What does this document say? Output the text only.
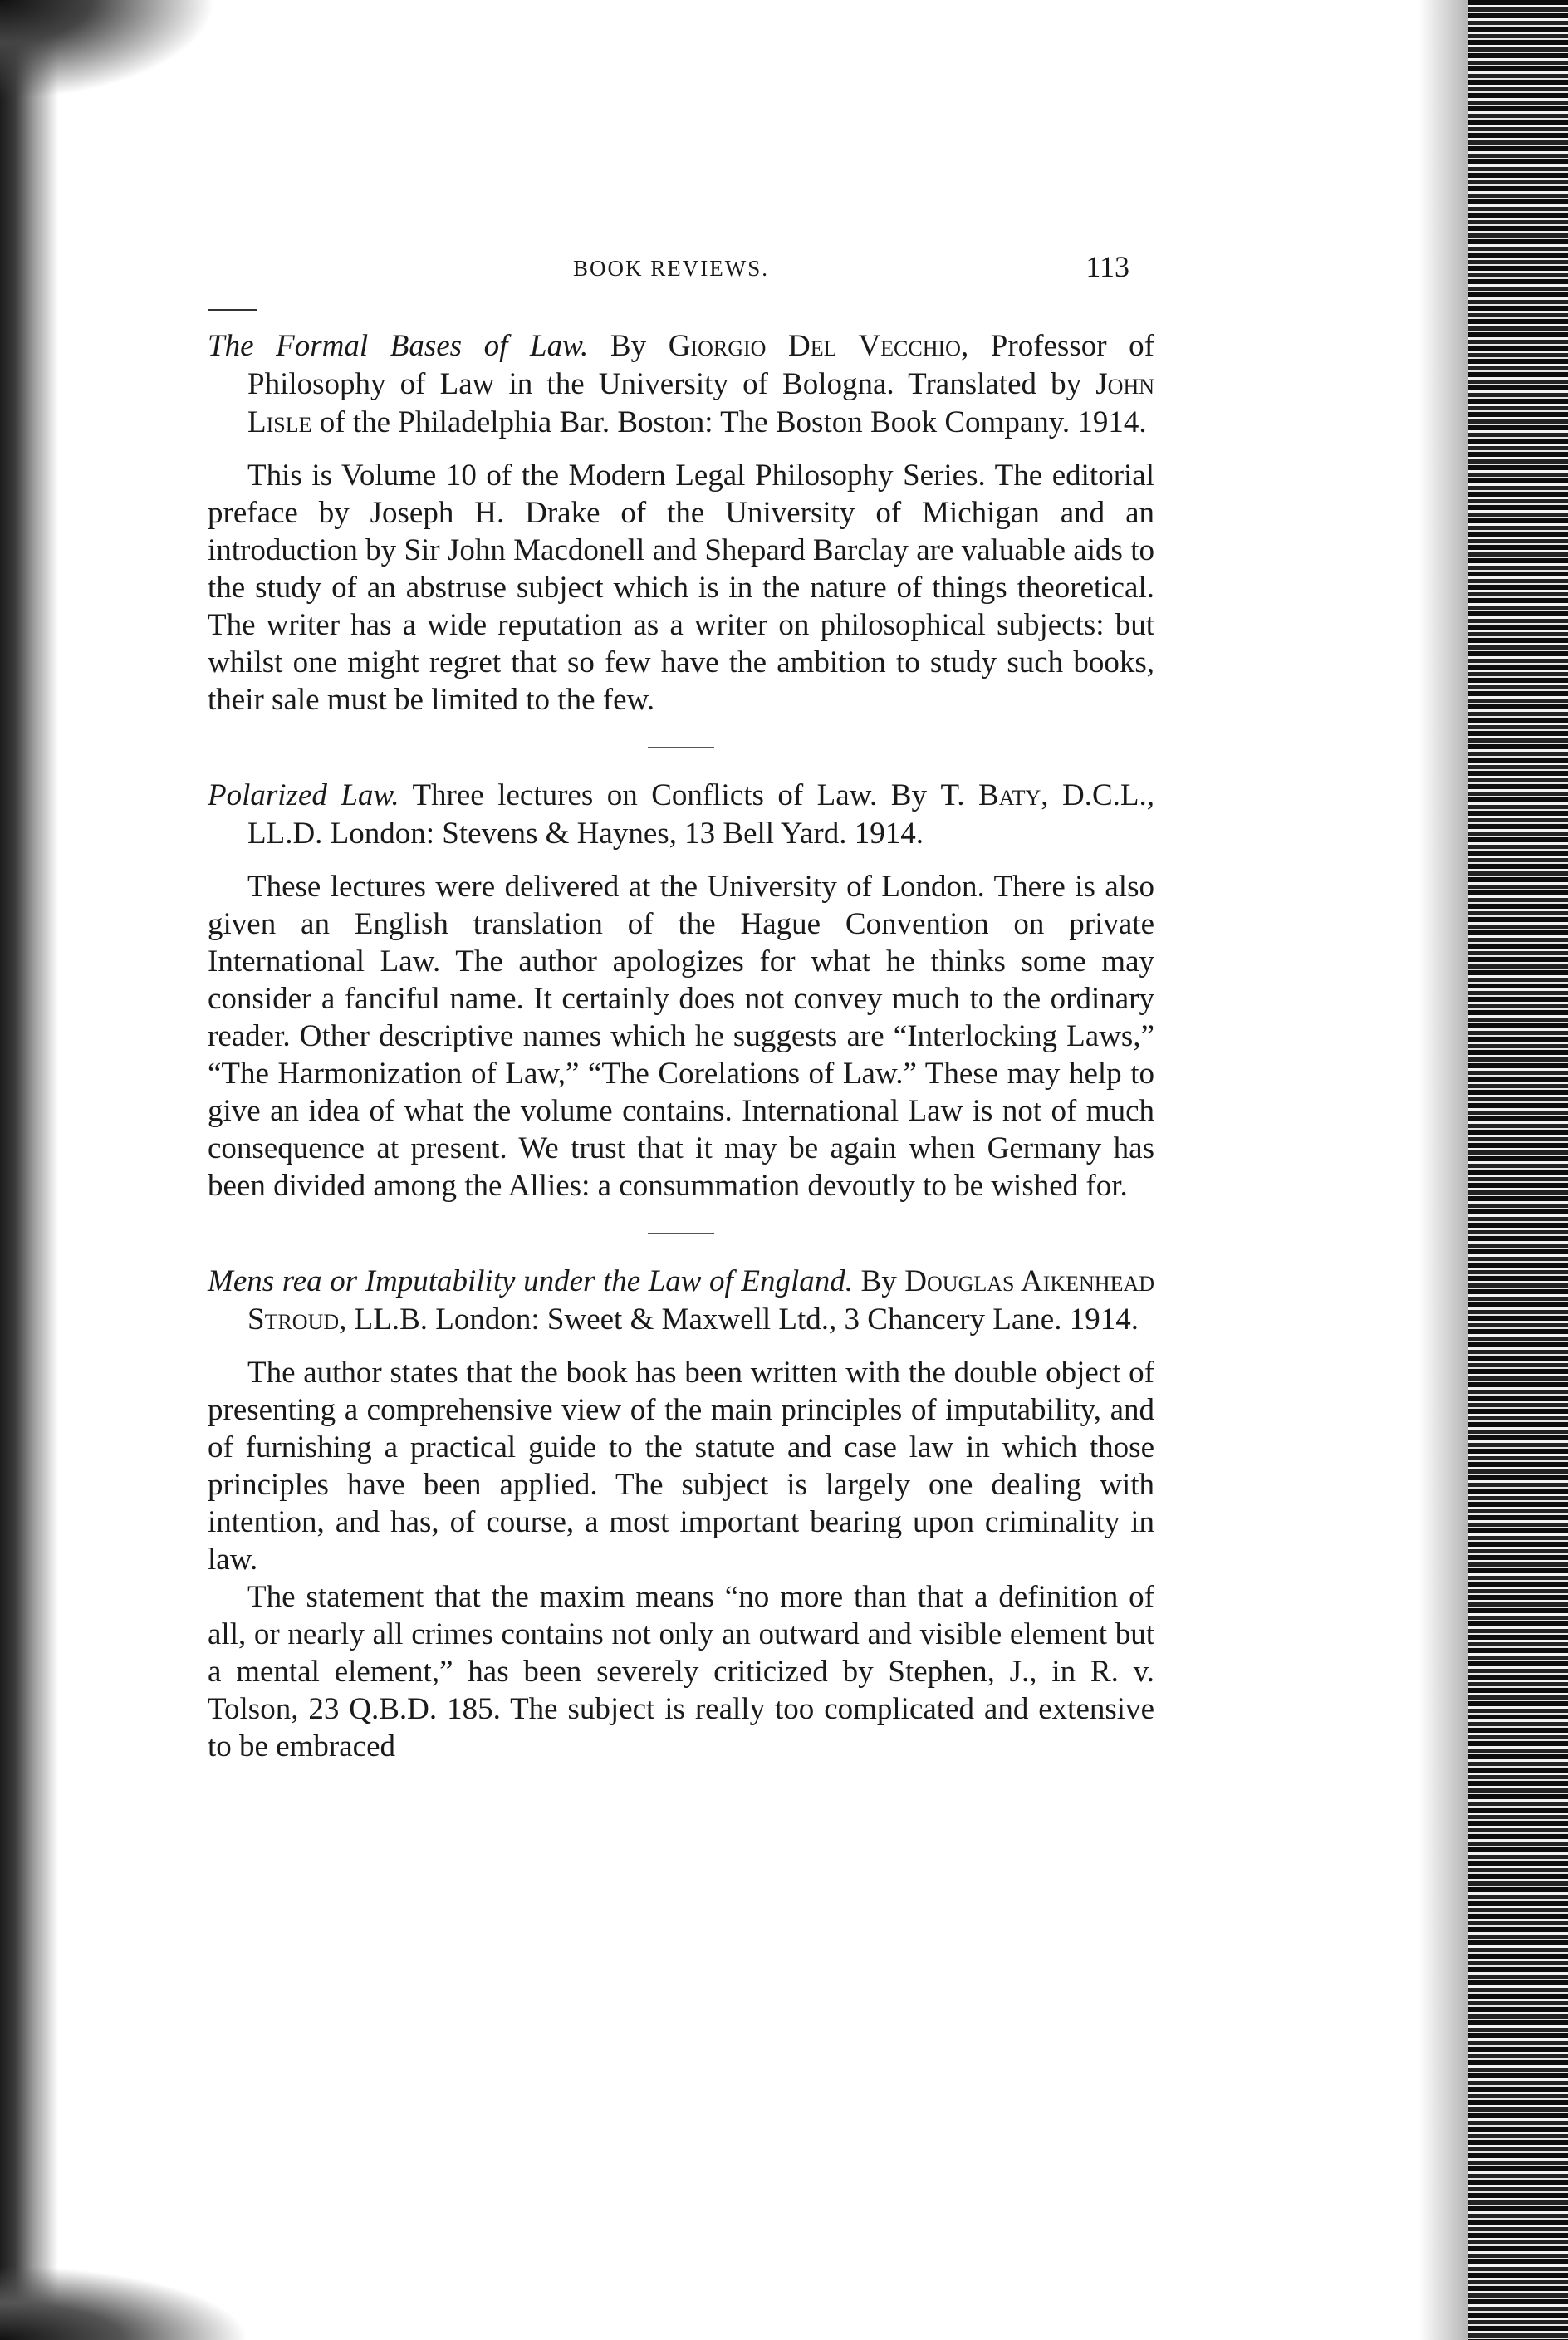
BOOK REVIEWS.	113

The Formal Bases of Law. By Giorgio Del Vecchio, Professor of Philosophy of Law in the University of Bologna. Translated by John Lisle of the Philadelphia Bar. Boston: The Boston Book Company. 1914.

This is Volume 10 of the Modern Legal Philosophy Series. The editorial preface by Joseph H. Drake of the University of Michigan and an introduction by Sir John Macdonell and Shepard Barclay are valuable aids to the study of an abstruse subject which is in the nature of things theoretical. The writer has a wide reputation as a writer on philosophical subjects: but whilst one might regret that so few have the ambition to study such books, their sale must be limited to the few.

Polarized Law. Three lectures on Conflicts of Law. By T. Baty, D.C.L., LL.D. London: Stevens & Haynes, 13 Bell Yard. 1914.

These lectures were delivered at the University of London. There is also given an English translation of the Hague Convention on private International Law. The author apologizes for what he thinks some may consider a fanciful name. It certainly does not convey much to the ordinary reader. Other descriptive names which he suggests are “Interlocking Laws,” “The Harmonization of Law,” “The Corelations of Law.” These may help to give an idea of what the volume contains. International Law is not of much consequence at present. We trust that it may be again when Germany has been divided among the Allies: a consummation devoutly to be wished for.

Mens rea or Imputability under the Law of England. By Douglas Aikenhead Stroud, LL.B. London: Sweet & Maxwell Ltd., 3 Chancery Lane. 1914.

The author states that the book has been written with the double object of presenting a comprehensive view of the main principles of imputability, and of furnishing a practical guide to the statute and case law in which those principles have been applied. The subject is largely one dealing with intention, and has, of course, a most important bearing upon criminality in law.

The statement that the maxim means “no more than that a definition of all, or nearly all crimes contains not only an outward and visible element but a mental element,” has been severely criticized by Stephen, J., in R. v. Tolson, 23 Q.B.D. 185. The subject is really too complicated and extensive to be embraced
